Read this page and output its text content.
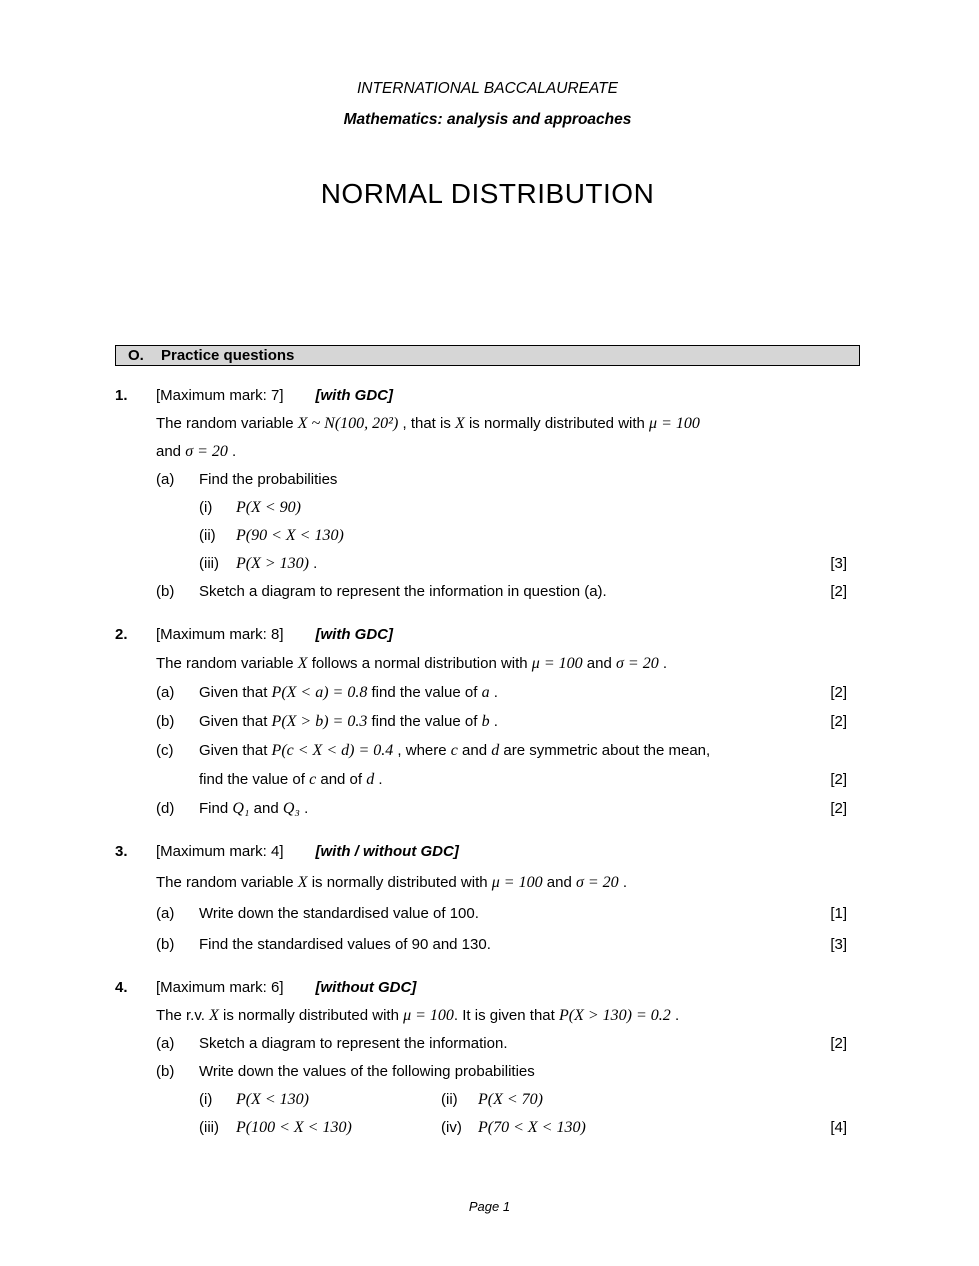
INTERNATIONAL BACCALAUREATE
Mathematics: analysis and approaches
NORMAL DISTRIBUTION
O.	Practice questions
1.	[Maximum mark: 7] [with GDC]
The random variable X ~ N(100, 20²) , that is X is normally distributed with μ = 100
and σ = 20 .
(a)	Find the probabilities
(i)	P(X < 90)
(ii)	P(90 < X < 130)
(iii)	P(X > 130) .	[3]
(b)	Sketch a diagram to represent the information in question (a).	[2]
2.	[Maximum mark: 8] [with GDC]
The random variable X follows a normal distribution with μ = 100 and σ = 20 .
(a)	Given that P(X < a) = 0.8 find the value of a .	[2]
(b)	Given that P(X > b) = 0.3 find the value of b .	[2]
(c)	Given that P(c < X < d) = 0.4 , where c and d are symmetric about the mean,
find the value of c and of d .	[2]
(d)	Find Q₁ and Q₃ .	[2]
3.	[Maximum mark: 4] [with / without GDC]
The random variable X is normally distributed with μ = 100 and σ = 20 .
(a)	Write down the standardised value of 100.	[1]
(b)	Find the standardised values of 90 and 130.	[3]
4.	[Maximum mark: 6] [without GDC]
The r.v. X is normally distributed with μ = 100. It is given that P(X > 130) = 0.2 .
(a)	Sketch a diagram to represent the information.	[2]
(b)	Write down the values of the following probabilities
(i)	P(X < 130)	(ii) P(X < 70)
(iii)	P(100 < X < 130)	(iv) P(70 < X < 130)	[4]
Page 1
